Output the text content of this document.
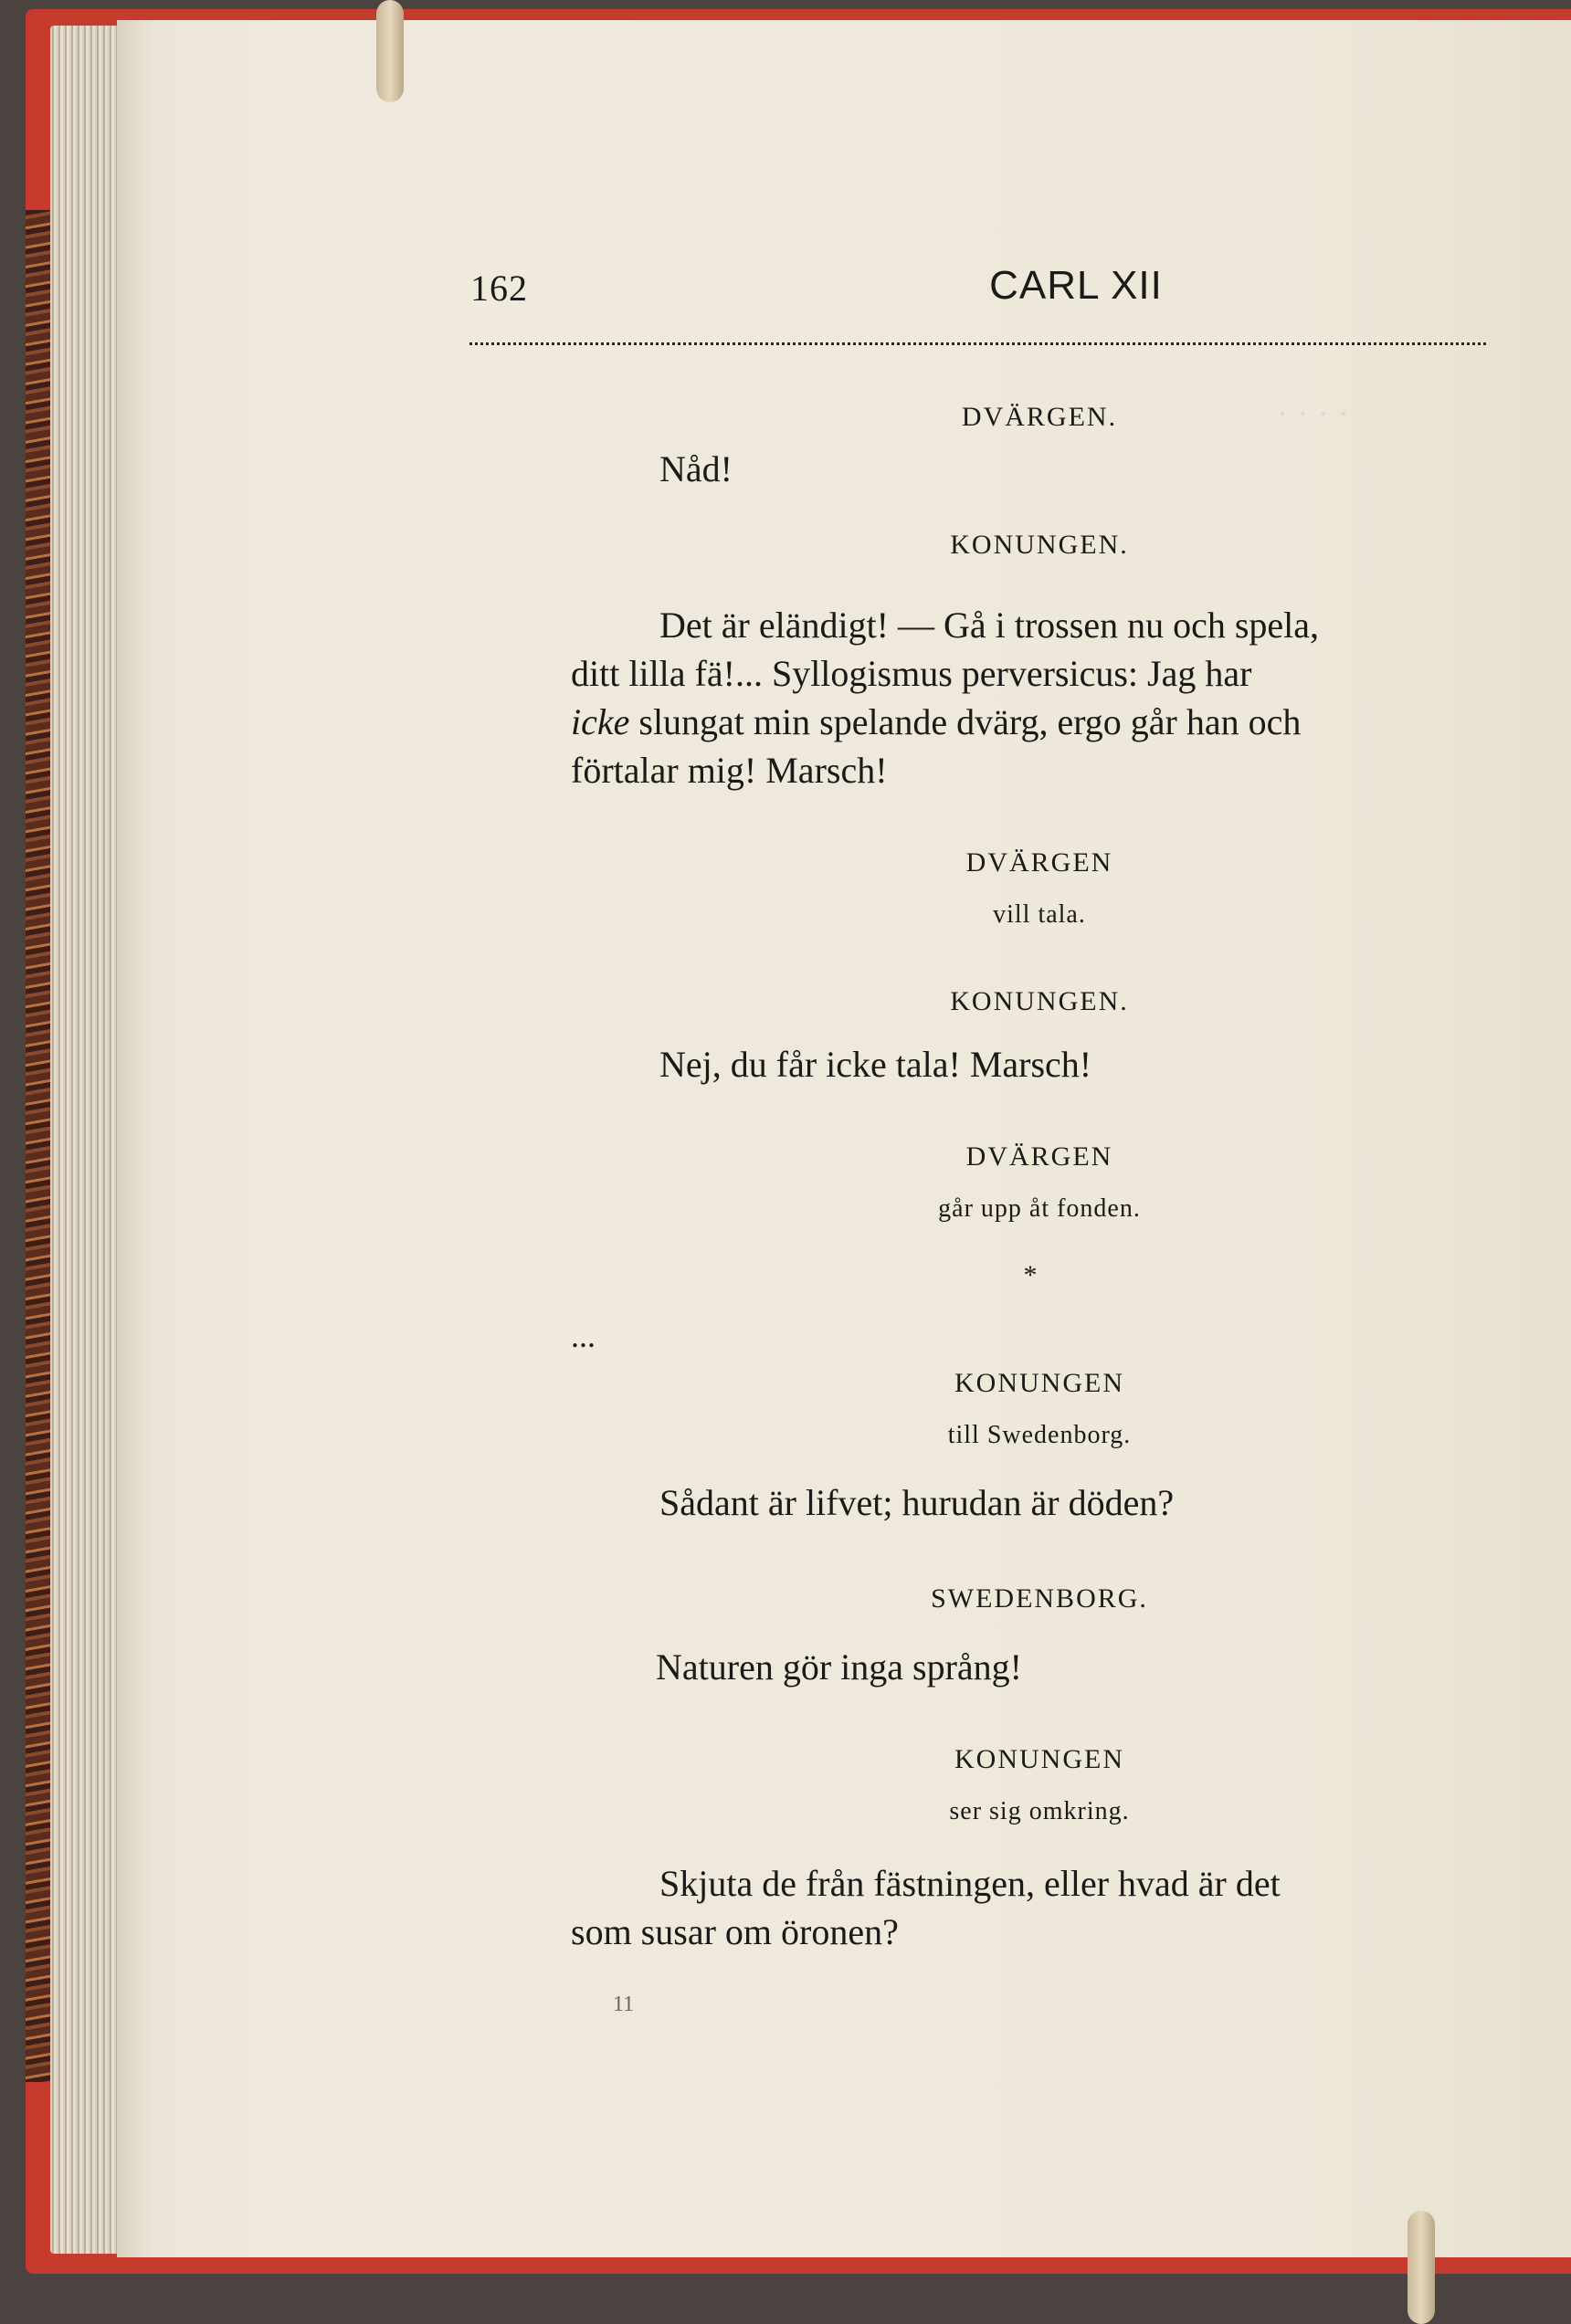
· · · ·
162	CARL XII
DVÄRGEN.
Nåd!
KONUNGEN.
Det är eländigt! — Gå i trossen nu och spela,
ditt lilla fä!... Syllogismus perversicus: Jag har
icke slungat min spelande dvärg, ergo går han och
förtalar mig! Marsch!
DVÄRGEN
vill tala.
KONUNGEN.
Nej, du får icke tala! Marsch!
DVÄRGEN
går upp åt fonden.
*
...
KONUNGEN
till Swedenborg.
Sådant är lifvet; hurudan är döden?
SWEDENBORG.
Naturen gör inga språng!
KONUNGEN
ser sig omkring.
Skjuta de från fästningen, eller hvad är det
som susar om öronen?
11
